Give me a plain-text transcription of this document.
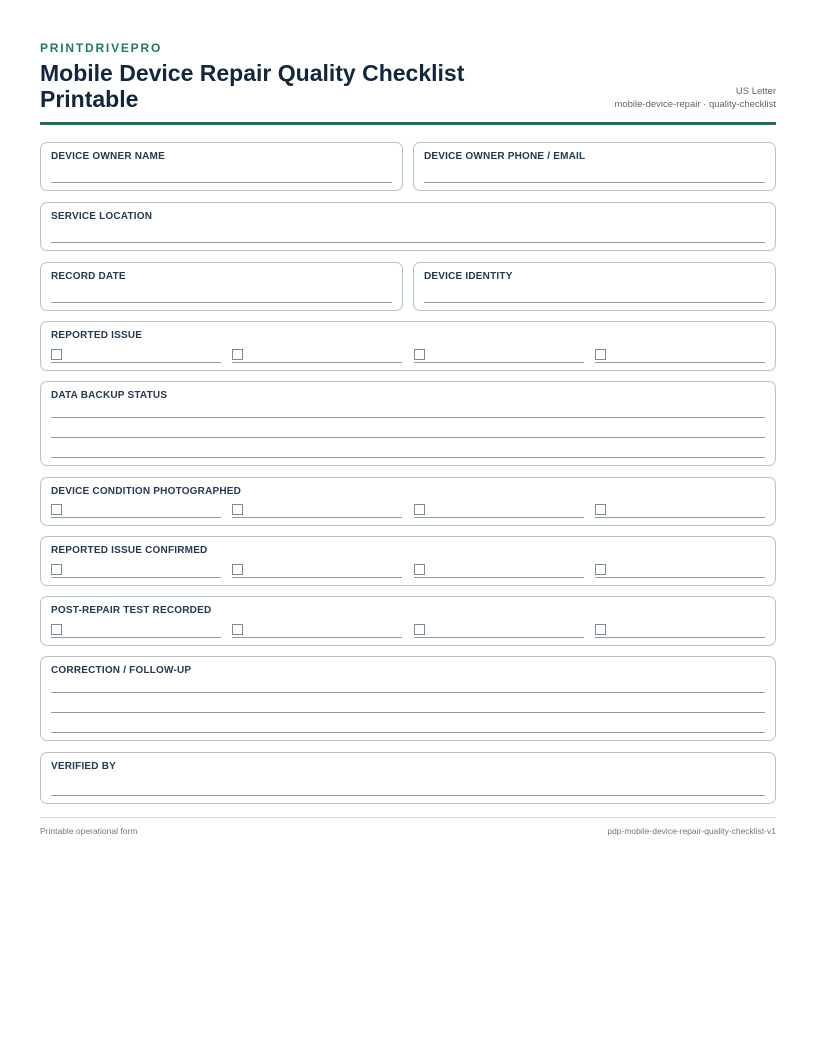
PRINTDRIVEPRO
Mobile Device Repair Quality Checklist Printable	US Letter
mobile-device-repair · quality-checklist
DEVICE OWNER NAME	DEVICE OWNER PHONE / EMAIL
SERVICE LOCATION
RECORD DATE	DEVICE IDENTITY
REPORTED ISSUE
DATA BACKUP STATUS
DEVICE CONDITION PHOTOGRAPHED
REPORTED ISSUE CONFIRMED
POST-REPAIR TEST RECORDED
CORRECTION / FOLLOW-UP
VERIFIED BY
Printable operational form	pdp-mobile-device-repair-quality-checklist-v1
